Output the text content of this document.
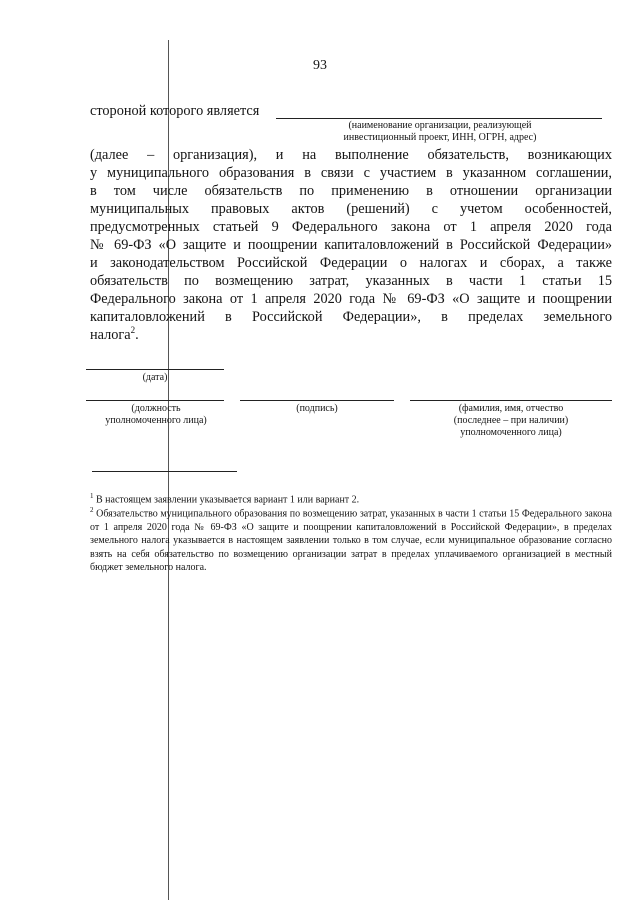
93
стороной которого является
(наименование организации, реализующей
инвестиционный проект, ИНН, ОГРН, адрес)
(далее – организация), и на выполнение обязательств, возникающих
у муниципального образования в связи с участием в указанном соглашении,
в том числе обязательств по применению в отношении организации
муниципальных правовых актов (решений) с учетом особенностей,
предусмотренных статьей 9 Федерального закона от 1 апреля 2020 года
№ 69-ФЗ «О защите и поощрении капиталовложений в Российской Федерации»
и законодательством Российской Федерации о налогах и сборах, а также
обязательств по возмещению затрат, указанных в части 1 статьи 15
Федерального закона от 1 апреля 2020 года № 69-ФЗ «О защите и поощрении
капиталовложений в Российской Федерации», в пределах земельного
налога$^2$.
(дата)
(должность
уполномоченного лица)
(подпись)	(фамилия, имя, отчество
(последнее – при наличии)
уполномоченного лица)
$^1$ В настоящем заявлении указывается вариант 1 или вариант 2.
$^2$ Обязательство муниципального образования по возмещению затрат, указанных в части 1 статьи 15 Федерального закона от 1 апреля 2020 года № 69-ФЗ «О защите и поощрении капиталовложений в Российской Федерации», в пределах земельного налога указывается в настоящем заявлении только в том случае, если муниципальное образование согласно взять на себя обязательство по возмещению организации затрат в пределах уплачиваемого организацией в местный бюджет земельного налога.
